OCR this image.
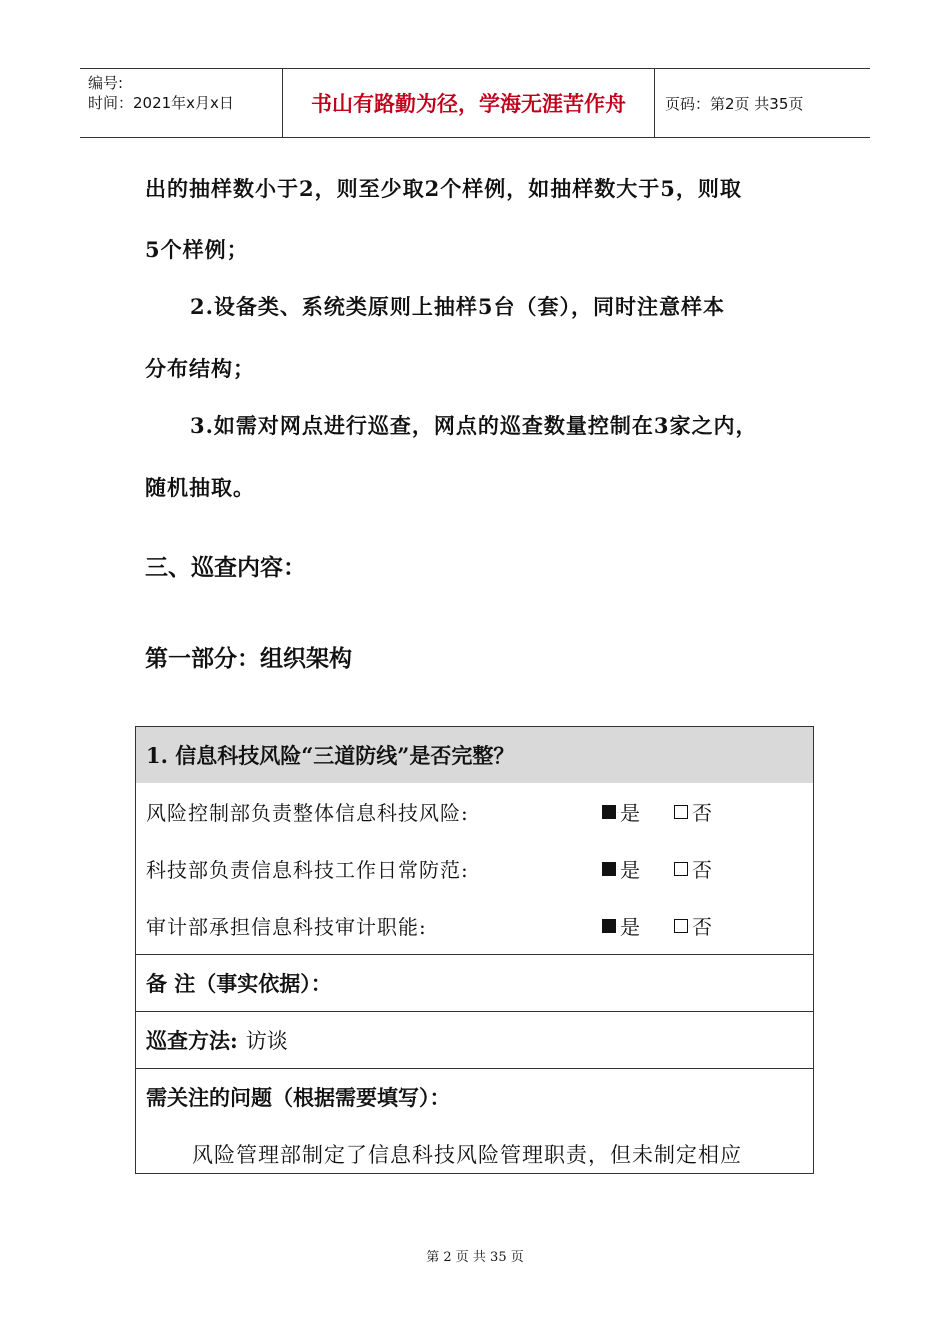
编号:
时间：2021年x月x日	书山有路勤为径，学海无涯苦作舟	页码：第2页 共35页
出的抽样数小于2，则至少取2个样例，如抽样数大于5，则取
5个样例；
2.设备类、系统类原则上抽样5台（套），同时注意样本
分布结构；
3.如需对网点进行巡查，网点的巡查数量控制在3家之内，
随机抽取。
三、巡查内容：
第一部分：组织架构
1. 信息科技风险“三道防线”是否完整？
风险控制部负责整体信息科技风险:	是	否
科技部负责信息科技工作日常防范:	是	否
审计部承担信息科技审计职能:	是	否
备 注（事实依据）：
巡查方法: 访谈
需关注的问题（根据需要填写）：
风险管理部制定了信息科技风险管理职责，但未制定相应
第 2 页 共 35 页
